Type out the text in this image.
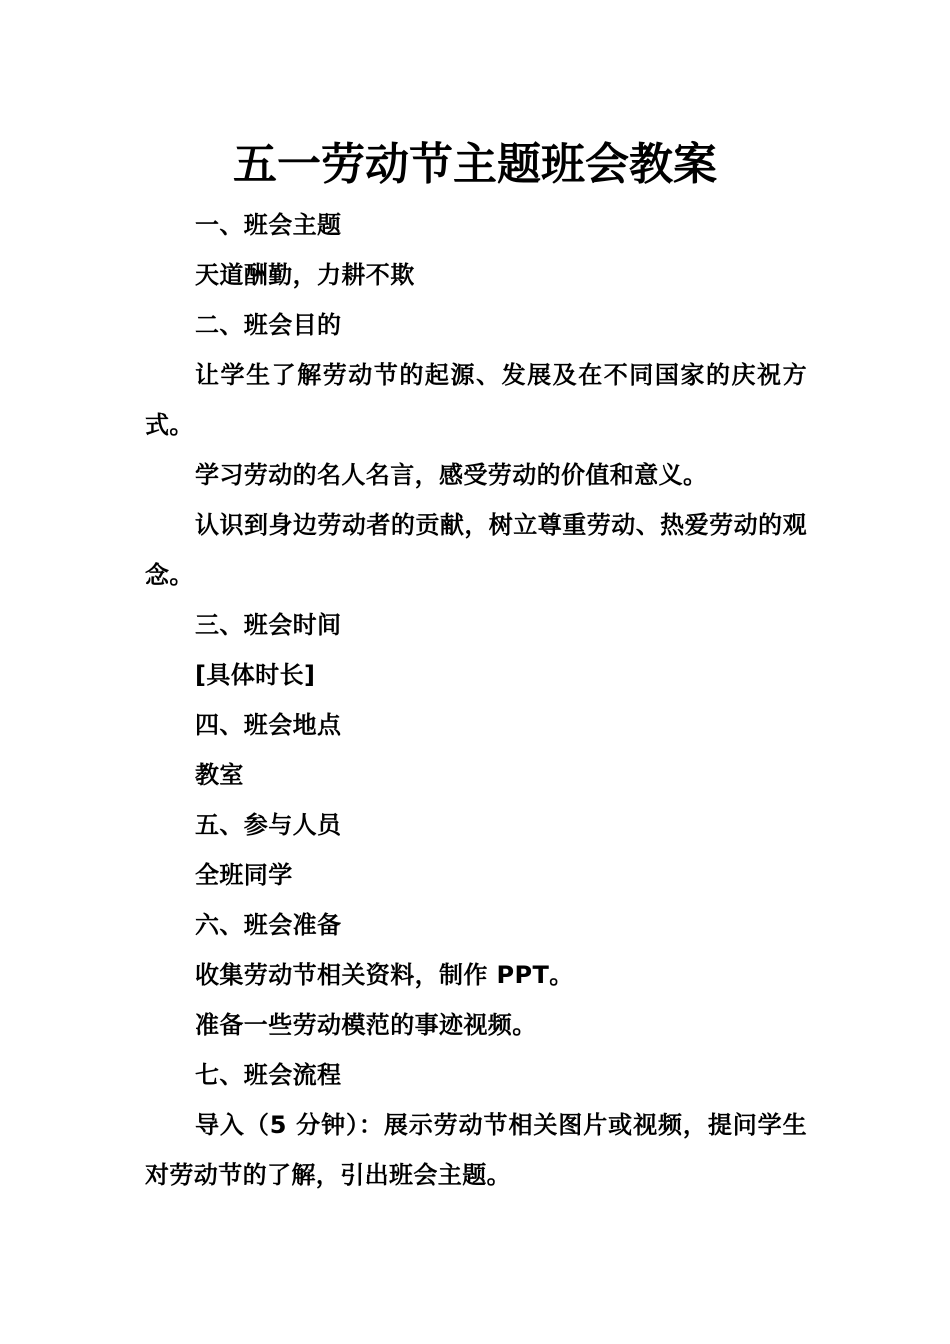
五一劳动节主题班会教案

一、班会主题

天道酬勤，力耕不欺

二、班会目的

让学生了解劳动节的起源、发展及在不同国家的庆祝方式。

学习劳动的名人名言，感受劳动的价值和意义。

认识到身边劳动者的贡献，树立尊重劳动、热爱劳动的观念。

三、班会时间

[具体时长]

四、班会地点

教室

五、参与人员

全班同学

六、班会准备

收集劳动节相关资料，制作 PPT。

准备一些劳动模范的事迹视频。

七、班会流程

导入（5 分钟）：展示劳动节相关图片或视频，提问学生对劳动节的了解，引出班会主题。
